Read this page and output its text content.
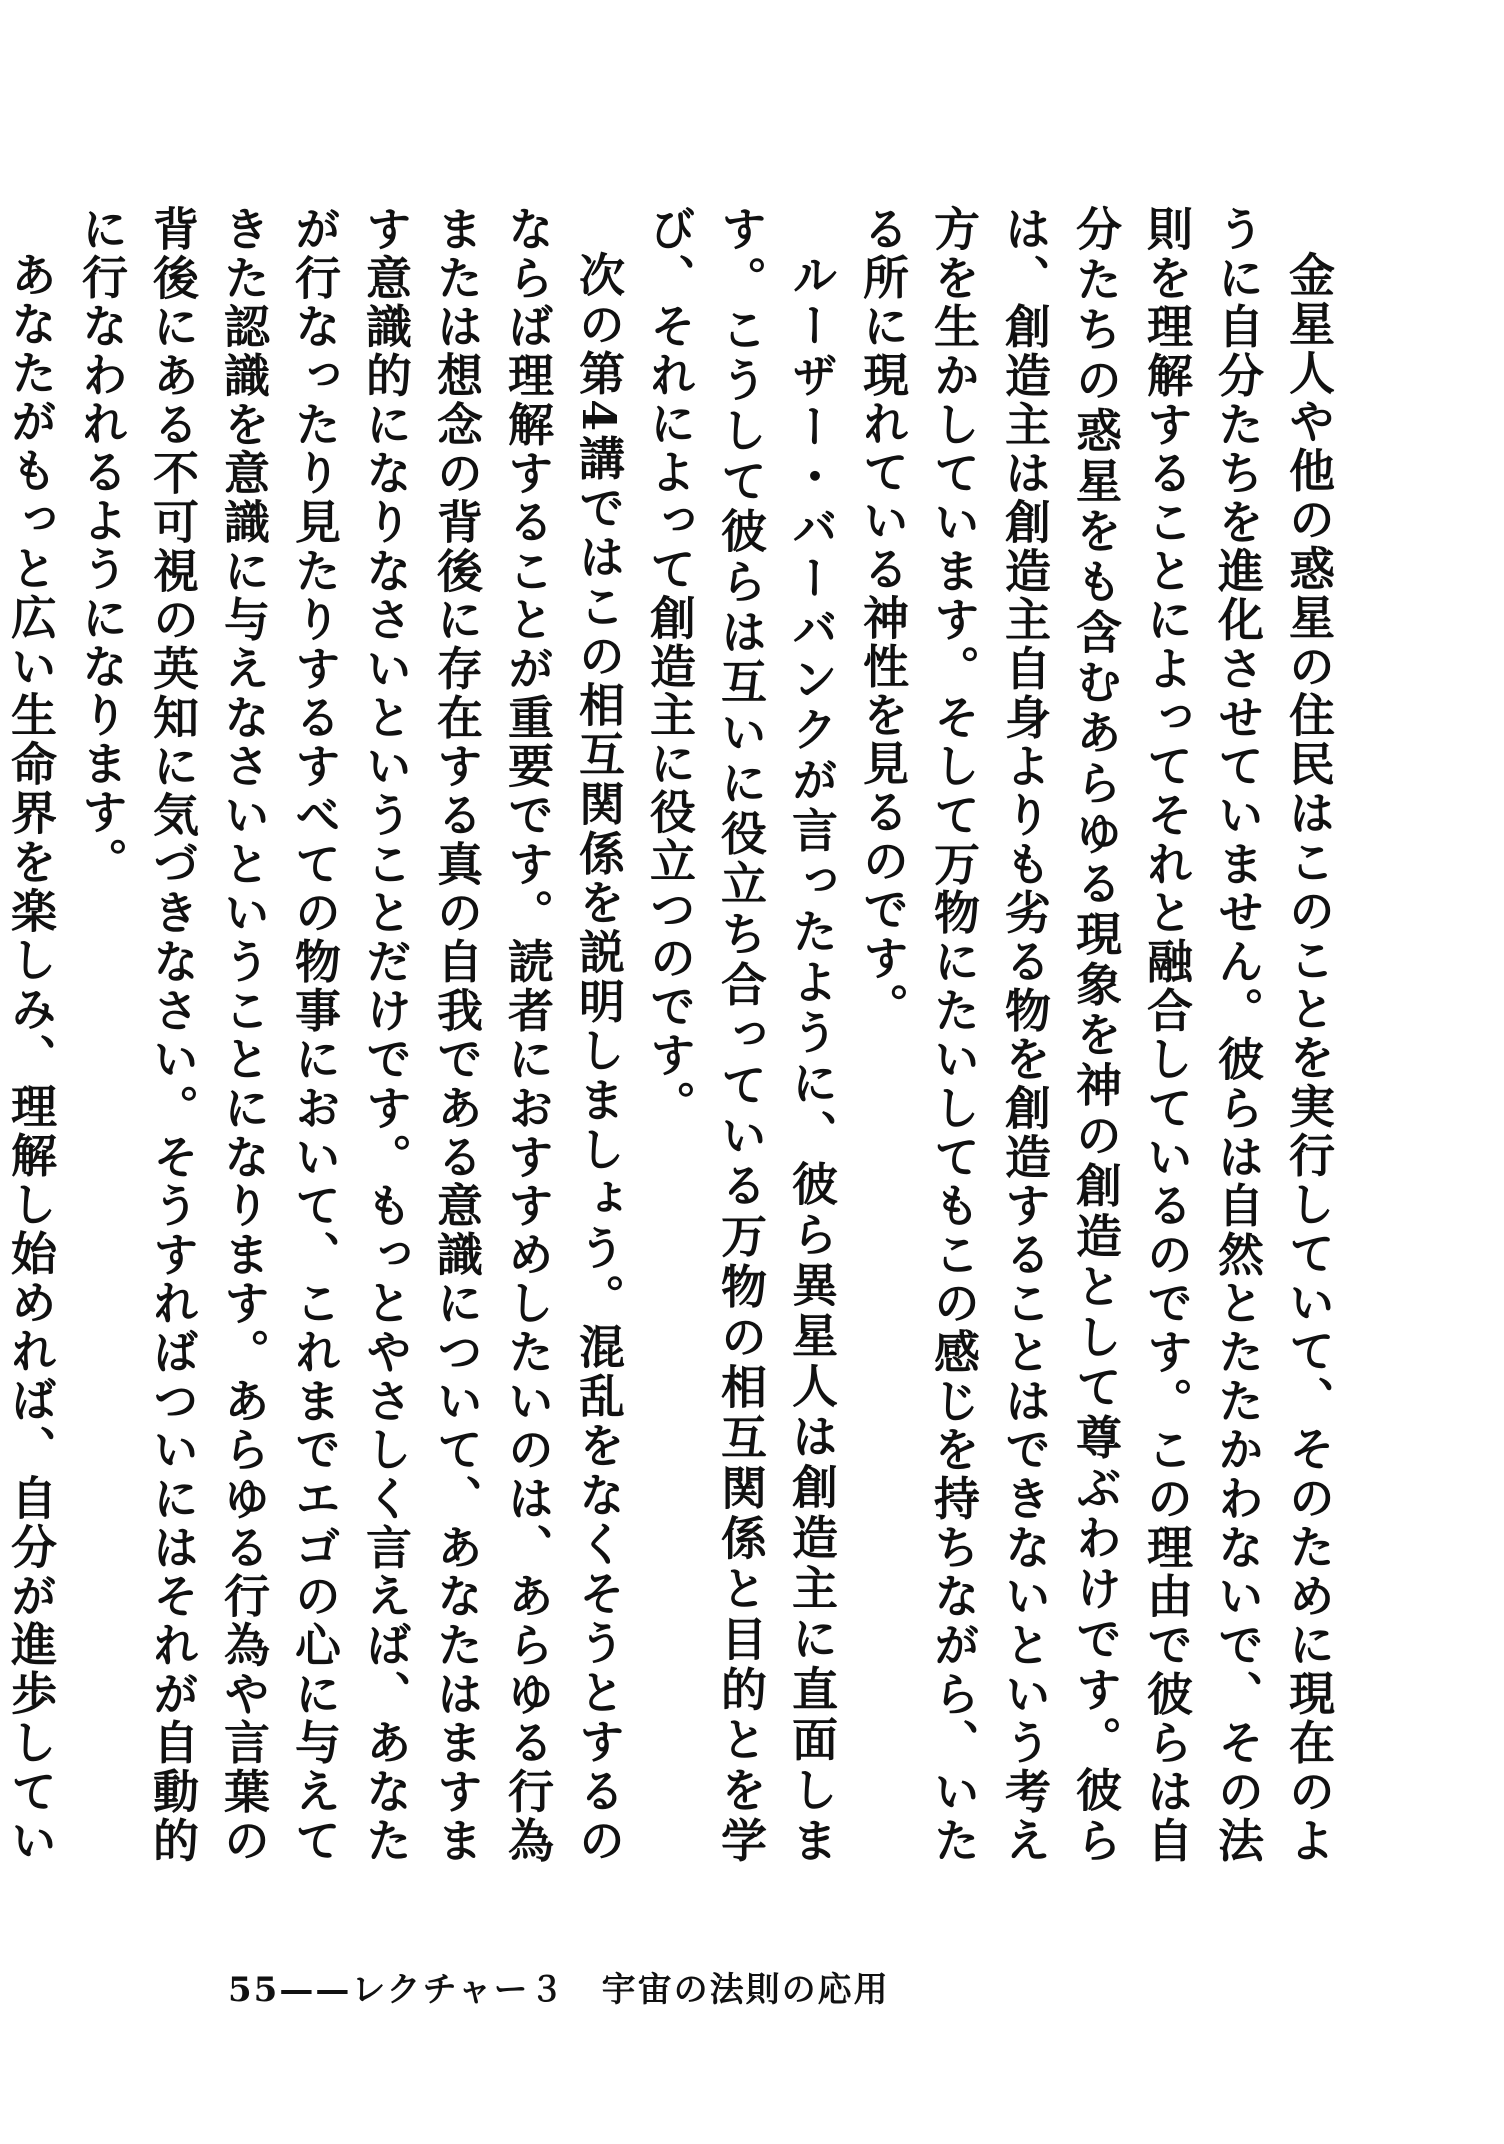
金星人や他の惑星の住民はこのことを実行していて、そのために現在のように自分たちを進化させていません。彼らは自然とたたかわないで、その法則を理解することによってそれと融合しているのです。この理由で彼らは自分たちの惑星をも含むあらゆる現象を神の創造として尊ぶわけです。彼らは、創造主は創造主自身よりも劣る物を創造することはできないという考え方を生かしています。そして万物にたいしてもこの感じを持ちながら、いたる所に現れている神性を見るのです。

ルーザー・バーバンクが言ったように、彼ら異星人は創造主に直面します。こうして彼らは互いに役立ち合っている万物の相互関係と目的とを学び、それによって創造主に役立つのです。

次の第4講ではこの相互関係を説明しましょう。混乱をなくそうとするのならば理解することが重要です。読者におすすめしたいのは、あらゆる行為または想念の背後に存在する真の自我である意識について、あなたはますます意識的になりなさいということだけです。もっとやさしく言えば、あなたが行なったり見たりするすべての物事において、これまでエゴの心に与えてきた認識を意識に与えなさいということになります。あらゆる行為や言葉の背後にある不可視の英知に気づきなさい。そうすればついにはそれが自動的に行なわれるようになります。

あなたがもっと広い生命界を楽しみ、理解し始めれば、自分が進歩してい

55——レクチャー３　宇宙の法則の応用
